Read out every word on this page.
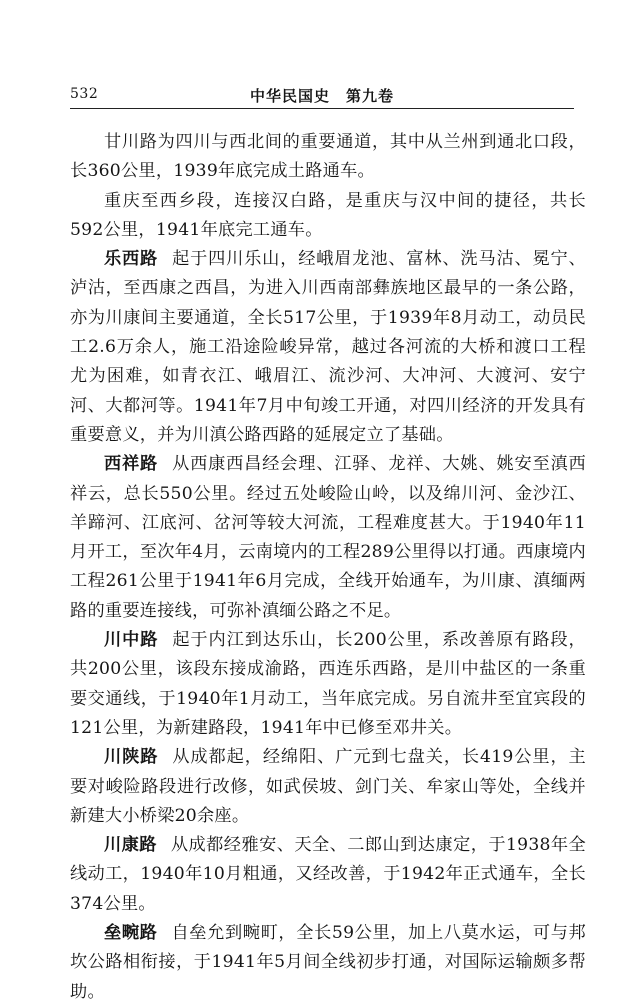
532	中华民国史　第九卷

甘川路为四川与西北间的重要通道，其中从兰州到通北口段，长360公里，1939年底完成土路通车。

重庆至西乡段，连接汉白路，是重庆与汉中间的捷径，共长592公里，1941年底完工通车。

乐西路 起于四川乐山，经峨眉龙池、富林、洗马沽、冕宁、泸沽，至西康之西昌，为进入川西南部彝族地区最早的一条公路，亦为川康间主要通道，全长517公里，于1939年8月动工，动员民工2.6万余人，施工沿途险峻异常，越过各河流的大桥和渡口工程尤为困难，如青衣江、峨眉江、流沙河、大冲河、大渡河、安宁河、大都河等。1941年7月中旬竣工开通，对四川经济的开发具有重要意义，并为川滇公路西路的延展定立了基础。

西祥路 从西康西昌经会理、江驿、龙祥、大姚、姚安至滇西祥云，总长550公里。经过五处峻险山岭，以及绵川河、金沙江、羊蹄河、江底河、岔河等较大河流，工程难度甚大。于1940年11月开工，至次年4月，云南境内的工程289公里得以打通。西康境内工程261公里于1941年6月完成，全线开始通车，为川康、滇缅两路的重要连接线，可弥补滇缅公路之不足。

川中路 起于内江到达乐山，长200公里，系改善原有路段，共200公里，该段东接成渝路，西连乐西路，是川中盐区的一条重要交通线，于1940年1月动工，当年底完成。另自流井至宜宾段的121公里，为新建路段，1941年中已修至邓井关。

川陕路 从成都起，经绵阳、广元到七盘关，长419公里，主要对峻险路段进行改修，如武侯坡、剑门关、牟家山等处，全线并新建大小桥梁20余座。

川康路 从成都经雅安、天全、二郎山到达康定，于1938年全线动工，1940年10月粗通，又经改善，于1942年正式通车，全长374公里。

垒畹路 自垒允到畹町，全长59公里，加上八莫水运，可与邦坎公路相衔接，于1941年5月间全线初步打通，对国际运输颇多帮助。
